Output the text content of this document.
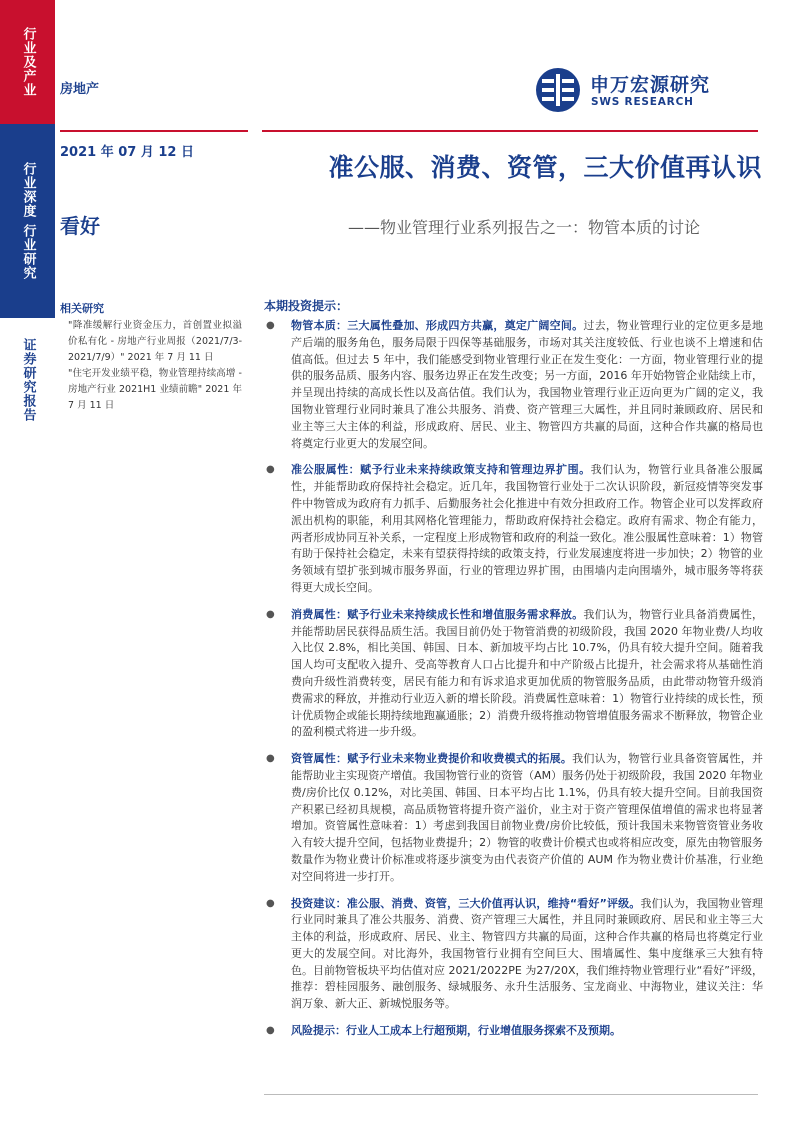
行业及产业
行业研究
行业深度
证券研究报告
房地产	申万宏源研究
SWS RESEARCH
2021 年 07 月 12 日
看好
准公服、消费、资管，三大价值再认识
——物业管理行业系列报告之一：物管本质的讨论
相关研究
"降准缓解行业资金压力，首创置业拟溢价私有化 - 房地产行业周报（2021/7/3-2021/7/9）" 2021 年 7 月 11 日
"住宅开发业绩平稳，物业管理持续高增 -房地产行业 2021H1 业绩前瞻" 2021 年 7 月 11 日
本期投资提示：
● 物管本质：三大属性叠加、形成四方共赢，奠定广阔空间。过去，物业管理行业的定位更多是地产后端的服务角色，服务局限于四保等基础服务，市场对其关注度较低、行业也谈不上增速和估值高低。但过去 5 年中，我们能感受到物业管理行业正在发生变化：一方面，物业管理行业的提供的服务品质、服务内容、服务边界正在发生改变；另一方面，2016 年开始物管企业陆续上市，并呈现出持续的高成长性以及高估值。我们认为，我国物业管理行业正迈向更为广阔的定义，我国物业管理行业同时兼具了准公共服务、消费、资产管理三大属性，并且同时兼顾政府、居民和业主等三大主体的利益，形成政府、居民、业主、物管四方共赢的局面，这种合作共赢的格局也将奠定行业更大的发展空间。
● 准公服属性：赋予行业未来持续政策支持和管理边界扩围。我们认为，物管行业具备准公服属性，并能帮助政府保持社会稳定。近几年，我国物管行业处于二次认识阶段，新冠疫情等突发事件中物管成为政府有力抓手、后勤服务社会化推进中有效分担政府工作。物管企业可以发挥政府派出机构的职能，利用其网格化管理能力，帮助政府保持社会稳定。政府有需求、物企有能力，两者形成协同互补关系，一定程度上形成物管和政府的利益一致化。准公服属性意味着：1）物管有助于保持社会稳定，未来有望获得持续的政策支持，行业发展速度将进一步加快；2）物管的业务领域有望扩张到城市服务界面，行业的管理边界扩围，由围墙内走向围墙外，城市服务等将获得更大成长空间。
● 消费属性：赋予行业未来持续成长性和增值服务需求释放。我们认为，物管行业具备消费属性，并能帮助居民获得品质生活。我国目前仍处于物管消费的初级阶段，我国 2020 年物业费/人均收入比仅 2.8%，相比美国、韩国、日本、新加坡平均占比 10.7%，仍具有较大提升空间。随着我国人均可支配收入提升、受高等教育人口占比提升和中产阶级占比提升，社会需求将从基础性消费向升级性消费转变，居民有能力和有诉求追求更加优质的物管服务品质，由此带动物管升级消费需求的释放，并推动行业迈入新的增长阶段。消费属性意味着：1）物管行业持续的成长性，预计优质物企或能长期持续地跑赢通胀；2）消费升级将推动物管增值服务需求不断释放，物管企业的盈利模式将进一步升级。
● 资管属性：赋予行业未来物业费提价和收费模式的拓展。我们认为，物管行业具备资管属性，并能帮助业主实现资产增值。我国物管行业的资管（AM）服务仍处于初级阶段，我国 2020 年物业费/房价比仅 0.12%，对比美国、韩国、日本平均占比 1.1%，仍具有较大提升空间。目前我国资产积累已经初具规模，高品质物管将提升资产溢价，业主对于资产管理保值增值的需求也将显著增加。资管属性意味着：1）考虑到我国目前物业费/房价比较低，预计我国未来物管资管业务收入有较大提升空间，包括物业费提升；2）物管的收费计价模式也或将相应改变，原先由物管服务数量作为物业费计价标准或将逐步演变为由代表资产价值的 AUM 作为物业费计价基准，行业绝对空间将进一步打开。
● 投资建议：准公服、消费、资管，三大价值再认识，维持“看好”评级。我们认为，我国物业管理行业同时兼具了准公共服务、消费、资产管理三大属性，并且同时兼顾政府、居民和业主等三大主体的利益，形成政府、居民、业主、物管四方共赢的局面，这种合作共赢的格局也将奠定行业更大的发展空间。对比海外，我国物管行业拥有空间巨大、围墙属性、集中度继承三大独有特色。目前物管板块平均估值对应 2021/2022PE 为27/20X，我们维持物业管理行业“看好”评级，推荐：碧桂园服务、融创服务、绿城服务、永升生活服务、宝龙商业、中海物业，建议关注：华润万象、新大正、新城悦服务等。
● 风险提示：行业人工成本上行超预期，行业增值服务探索不及预期。
